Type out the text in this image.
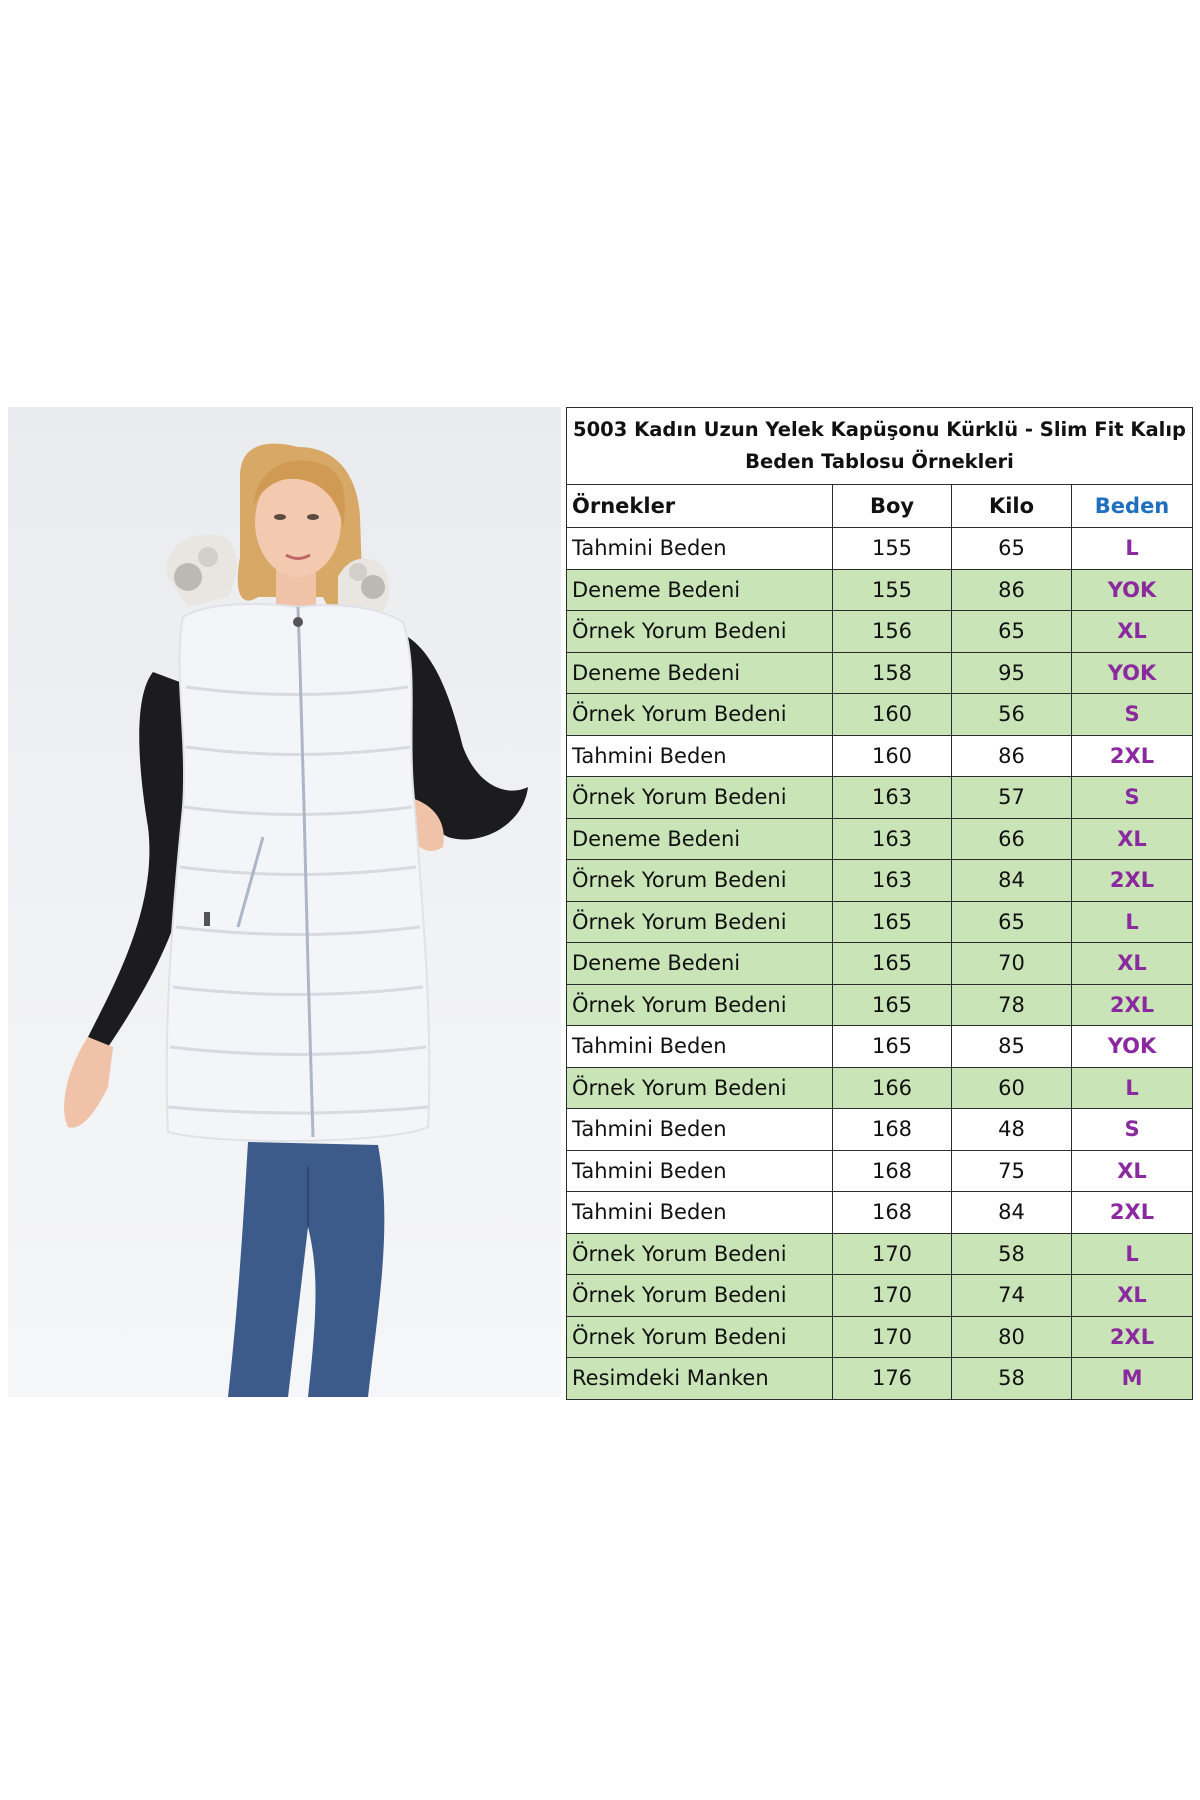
5003 Kadın Uzun Yelek Kapüşonu Kürklü - Slim Fit Kalıp
Beden Tablosu Örnekleri			

Örnekler	Boy	Kilo	Beden
Tahmini Beden	155	65	L
Deneme Bedeni	155	86	YOK
Örnek Yorum Bedeni	156	65	XL
Deneme Bedeni	158	95	YOK
Örnek Yorum Bedeni	160	56	S
Tahmini Beden	160	86	2XL
Örnek Yorum Bedeni	163	57	S
Deneme Bedeni	163	66	XL
Örnek Yorum Bedeni	163	84	2XL
Örnek Yorum Bedeni	165	65	L
Deneme Bedeni	165	70	XL
Örnek Yorum Bedeni	165	78	2XL
Tahmini Beden	165	85	YOK
Örnek Yorum Bedeni	166	60	L
Tahmini Beden	168	48	S
Tahmini Beden	168	75	XL
Tahmini Beden	168	84	2XL
Örnek Yorum Bedeni	170	58	L
Örnek Yorum Bedeni	170	74	XL
Örnek Yorum Bedeni	170	80	2XL
Resimdeki Manken	176	58	M
